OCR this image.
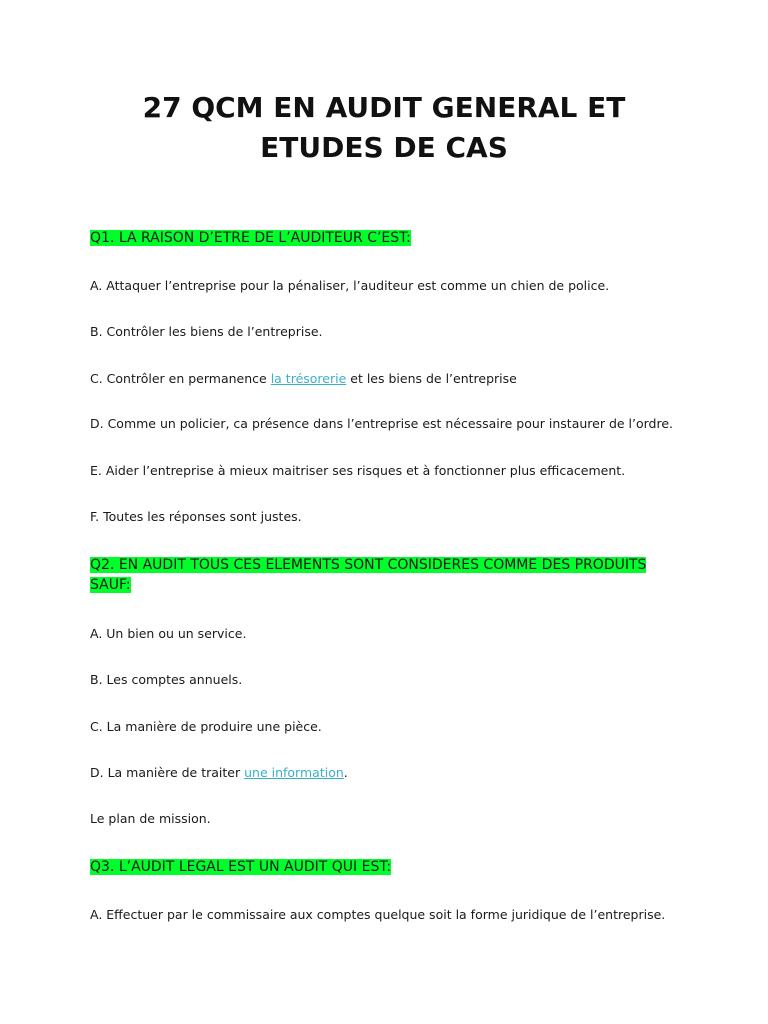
27 QCM EN AUDIT GENERAL ET
ETUDES DE CAS
Q1. LA RAISON D’ETRE DE L’AUDITEUR C’EST:
A. Attaquer l’entreprise pour la pénaliser, l’auditeur est comme un chien de police.
B. Contrôler les biens de l’entreprise.
C. Contrôler en permanence la trésorerie et les biens de l’entreprise
D. Comme un policier, ca présence dans l’entreprise est nécessaire pour instaurer de l’ordre.
E. Aider l’entreprise à mieux maitriser ses risques et à fonctionner plus efficacement.
F. Toutes les réponses sont justes.
Q2. EN AUDIT TOUS CES ELEMENTS SONT CONSIDERES COMME DES PRODUITS
SAUF:
A. Un bien ou un service.
B. Les comptes annuels.
C. La manière de produire une pièce.
D. La manière de traiter une information.
Le plan de mission.
Q3. L’AUDIT LEGAL EST UN AUDIT QUI EST:
A. Effectuer par le commissaire aux comptes quelque soit la forme juridique de l’entreprise.
